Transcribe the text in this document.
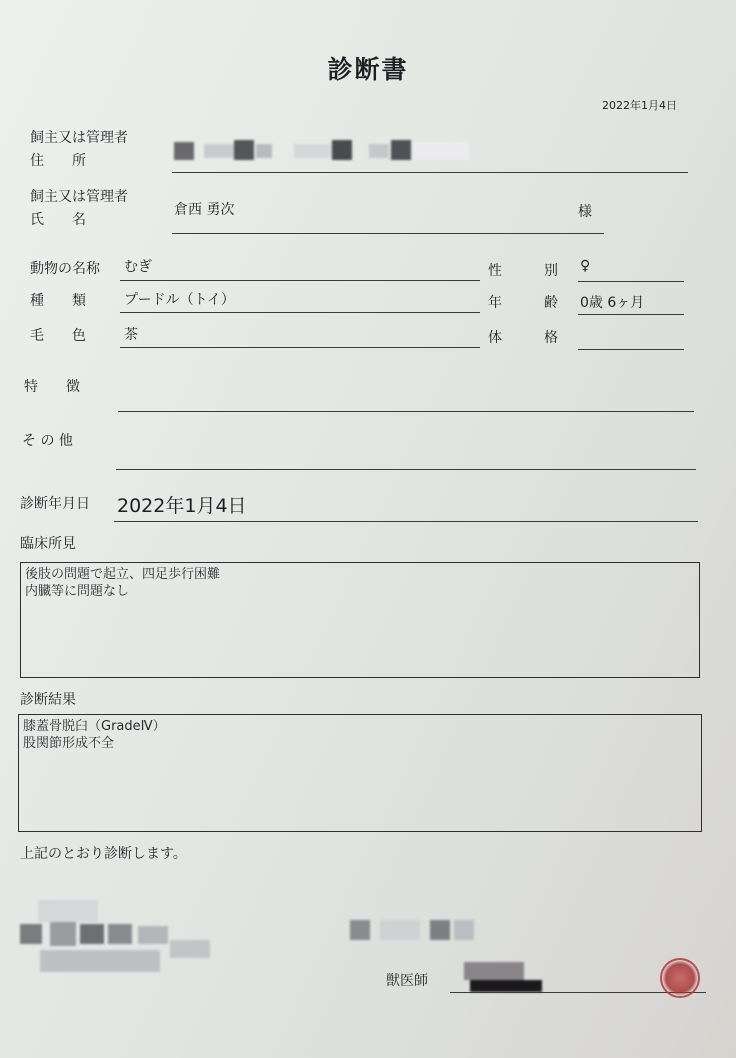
診断書
2022年1月4日
飼主又は管理者
住　　所
飼主又は管理者
氏　　名
倉西 勇次	様
動物の名称 むぎ
種　　類	プードル（トイ）
毛　　色	茶
性　　　別 ♀
年　　　齢 0歳 6ヶ月
体　　　格
特　　徴
そ の 他
診断年月日 2022年1月4日
臨床所見
後肢の問題で起立、四足歩行困難
内臓等に問題なし
診断結果
膝蓋骨脱臼（GradeⅣ）
股関節形成不全
上記のとおり診断します。
獣医師
